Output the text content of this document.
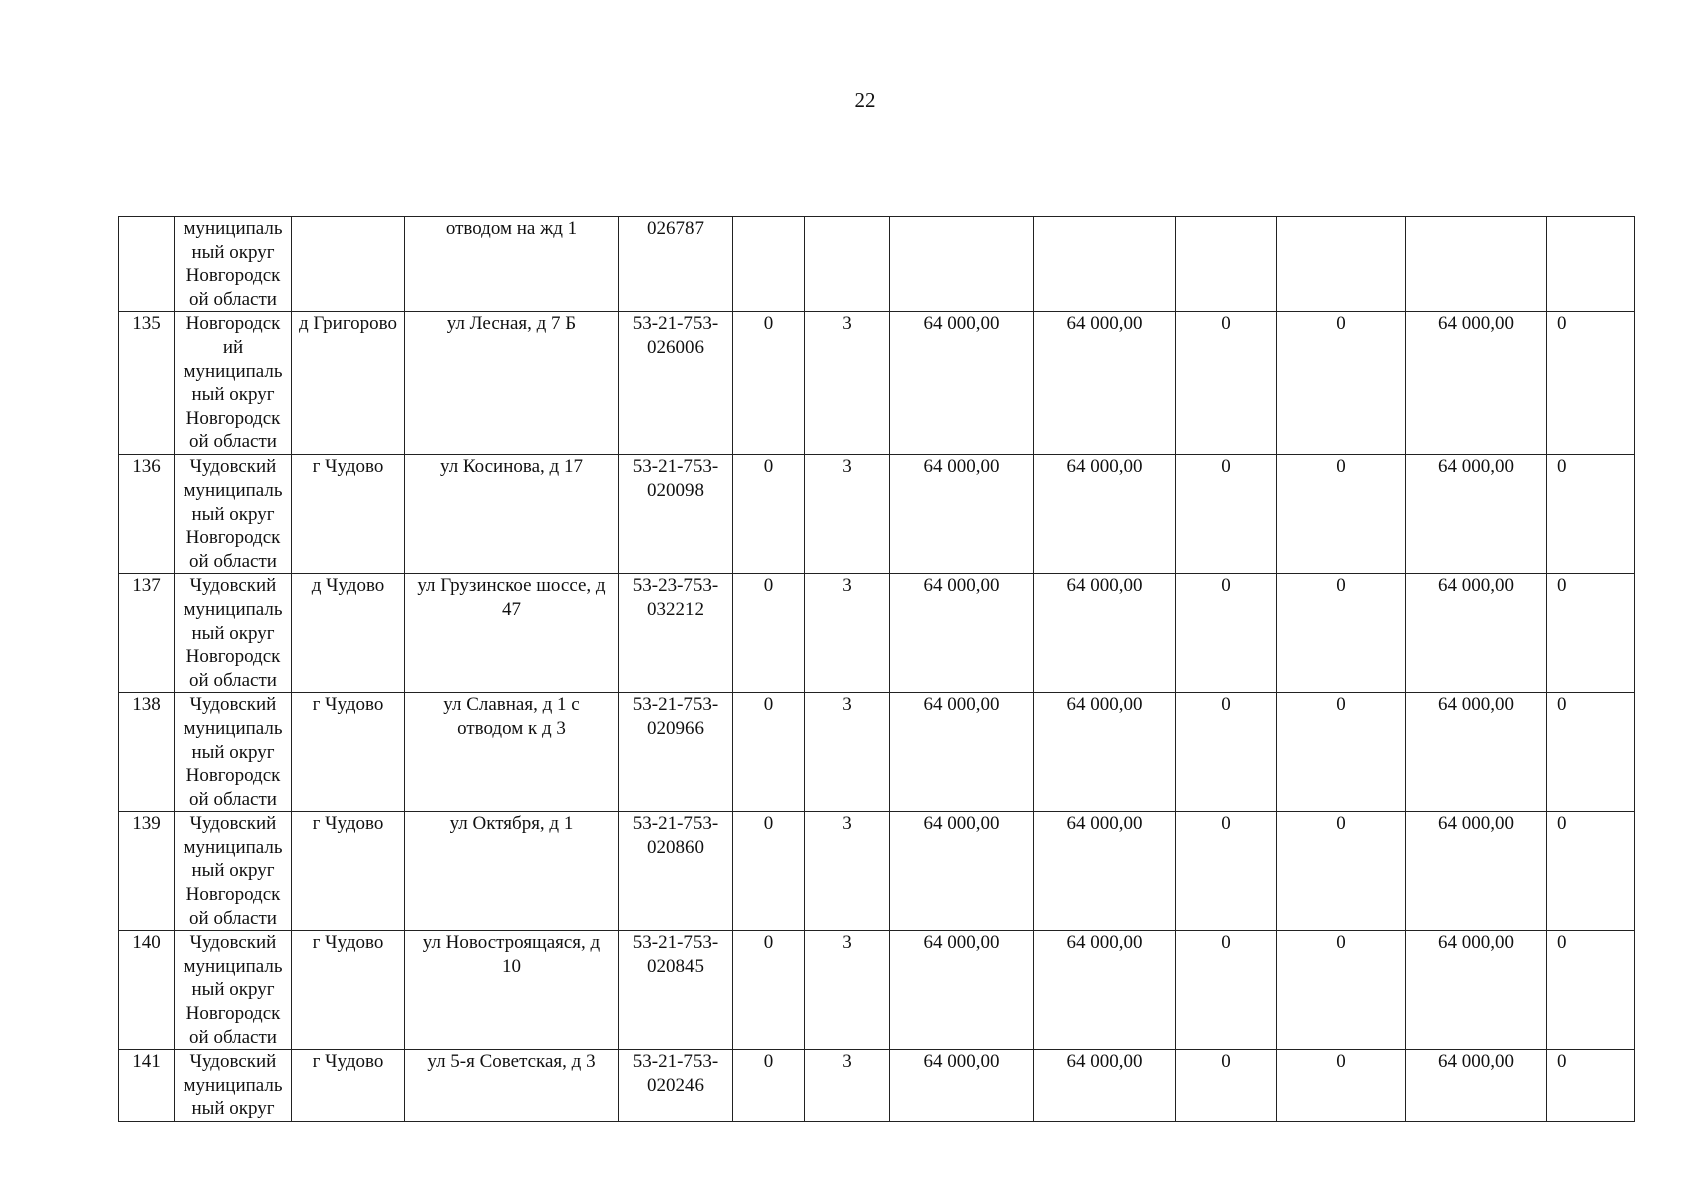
22
	муниципаль ный округ Новгородск ой области		отводом на жд 1	026787								
135	Новгородск ий муниципаль ный округ Новгородск ой области	д Григорово	ул Лесная, д 7 Б	53-21-753- 026006	0	3	64 000,00	64 000,00	0	0	64 000,00	0
136	Чудовский муниципаль ный округ Новгородск ой области	г Чудово	ул Косинова, д 17	53-21-753- 020098	0	3	64 000,00	64 000,00	0	0	64 000,00	0
137	Чудовский муниципаль ный округ Новгородск ой области	д Чудово	ул Грузинское шоссе, д 47	53-23-753- 032212	0	3	64 000,00	64 000,00	0	0	64 000,00	0
138	Чудовский муниципаль ный округ Новгородск ой области	г Чудово	ул Славная, д 1 с отводом к д 3	53-21-753- 020966	0	3	64 000,00	64 000,00	0	0	64 000,00	0
139	Чудовский муниципаль ный округ Новгородск ой области	г Чудово	ул Октября, д 1	53-21-753- 020860	0	3	64 000,00	64 000,00	0	0	64 000,00	0
140	Чудовский муниципаль ный округ Новгородск ой области	г Чудово	ул Новостроящаяся, д 10	53-21-753- 020845	0	3	64 000,00	64 000,00	0	0	64 000,00	0
141	Чудовский муниципаль ный округ	г Чудово	ул 5-я Советская, д 3	53-21-753- 020246	0	3	64 000,00	64 000,00	0	0	64 000,00	0
